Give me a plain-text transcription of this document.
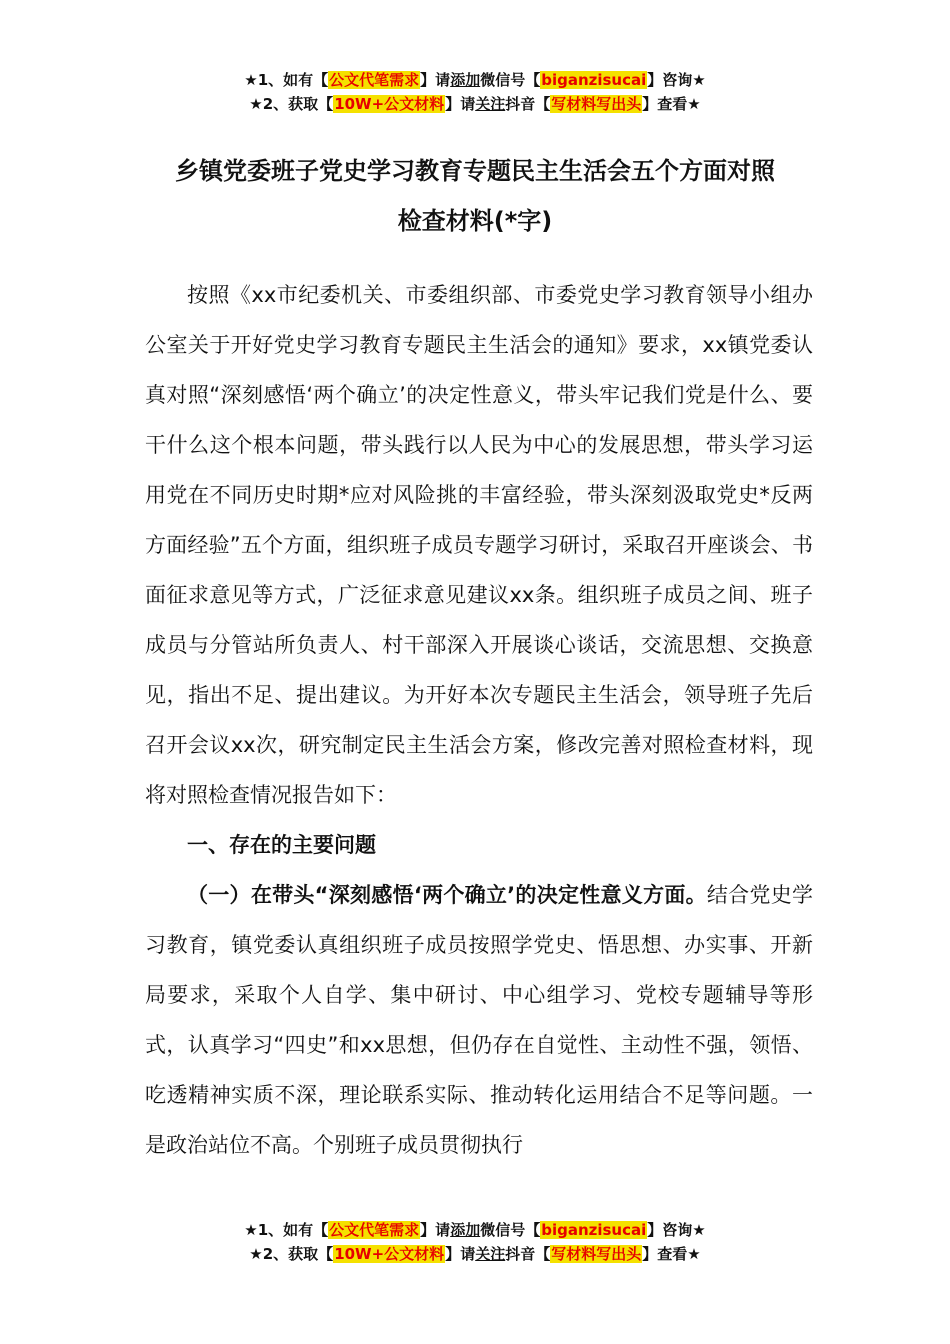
★1、如有【公文代笔需求】请添加微信号【biganzisucai】咨询★
★2、获取【10W+公文材料】请关注抖音【写材料写出头】查看★
乡镇党委班子党史学习教育专题民主生活会五个方面对照
检查材料(*字)

按照《xx市纪委机关、市委组织部、市委党史学习教育领导小组办公室关于开好党史学习教育专题民主生活会的通知》要求，xx镇党委认真对照“深刻感悟‘两个确立’的决定性意义，带头牢记我们党是什么、要干什么这个根本问题，带头践行以人民为中心的发展思想，带头学习运用党在不同历史时期*应对风险挑的丰富经验，带头深刻汲取党史*反两方面经验”五个方面，组织班子成员专题学习研讨，采取召开座谈会、书面征求意见等方式，广泛征求意见建议xx条。组织班子成员之间、班子成员与分管站所负责人、村干部深入开展谈心谈话，交流思想、交换意见，指出不足、提出建议。为开好本次专题民主生活会，领导班子先后召开会议xx次，研究制定民主生活会方案，修改完善对照检查材料，现将对照检查情况报告如下：

一、存在的主要问题

（一）在带头“深刻感悟‘两个确立’的决定性意义方面。结合党史学习教育，镇党委认真组织班子成员按照学党史、悟思想、办实事、开新局要求，采取个人自学、集中研讨、中心组学习、党校专题辅导等形式，认真学习“四史”和xx思想，但仍存在自觉性、主动性不强，领悟、吃透精神实质不深，理论联系实际、推动转化运用结合不足等问题。一是政治站位不高。个别班子成员贯彻执行

★1、如有【公文代笔需求】请添加微信号【biganzisucai】咨询★
★2、获取【10W+公文材料】请关注抖音【写材料写出头】查看★
